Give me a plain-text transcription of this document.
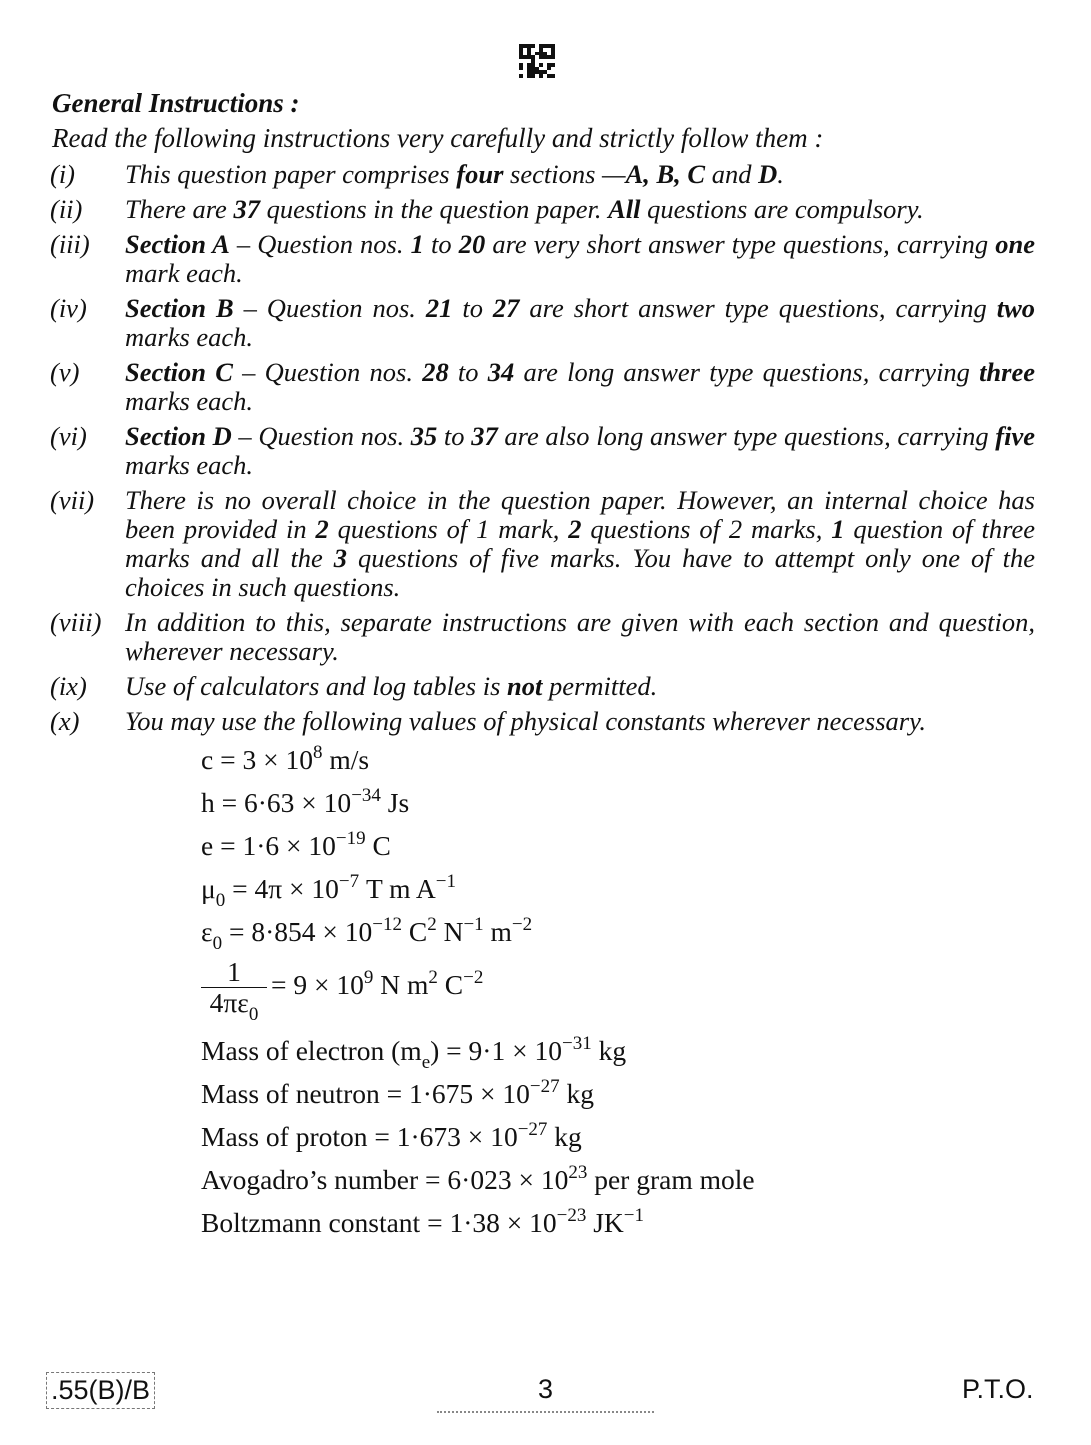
General Instructions :
Read the following instructions very carefully and strictly follow them :
(i)	This question paper comprises four sections —A, B, C and D.
(ii)	There are 37 questions in the question paper. All questions are compulsory.
(iii)	Section A – Question nos. 1 to 20 are very short answer type questions, carrying one mark each.
(iv)	Section B – Question nos. 21 to 27 are short answer type questions, carrying two marks each.
(v)	Section C – Question nos. 28 to 34 are long answer type questions, carrying three marks each.
(vi)	Section D – Question nos. 35 to 37 are also long answer type questions, carrying five marks each.
(vii)	There is no overall choice in the question paper. However, an internal choice has been provided in 2 questions of 1 mark, 2 questions of 2 marks, 1 question of three marks and all the 3 questions of five marks. You have to attempt only one of the choices in such questions.
(viii) In addition to this, separate instructions are given with each section and question, wherever necessary.
(ix)	Use of calculators and log tables is not permitted.
(x)	You may use the following values of physical constants wherever necessary.
$c = 3 \times 10^8$ m/s
$h = 6\cdot 63 \times 10^{-34}$ Js
$e = 1\cdot 6 \times 10^{-19}$ C
$\mu_0 = 4\pi \times 10^{-7}$ T m $A^{-1}$
$\varepsilon_0 = 8\cdot 854 \times 10^{-12}$ $C^2$ $N^{-1}$ $m^{-2}$
$\frac{1}{4\pi\varepsilon_0} = 9 \times 10^9$ N $m^2$ $C^{-2}$
Mass of electron $(m_e) = 9\cdot 1 \times 10^{-31}$ kg
Mass of neutron = $1\cdot 675 \times 10^{-27}$ kg
Mass of proton = $1\cdot 673 \times 10^{-27}$ kg
Avogadro’s number = $6\cdot 023 \times 10^{23}$ per gram mole
Boltzmann constant = $1\cdot 38 \times 10^{-23}$ $JK^{-1}$
.55(B)/B	3	P.T.O.
